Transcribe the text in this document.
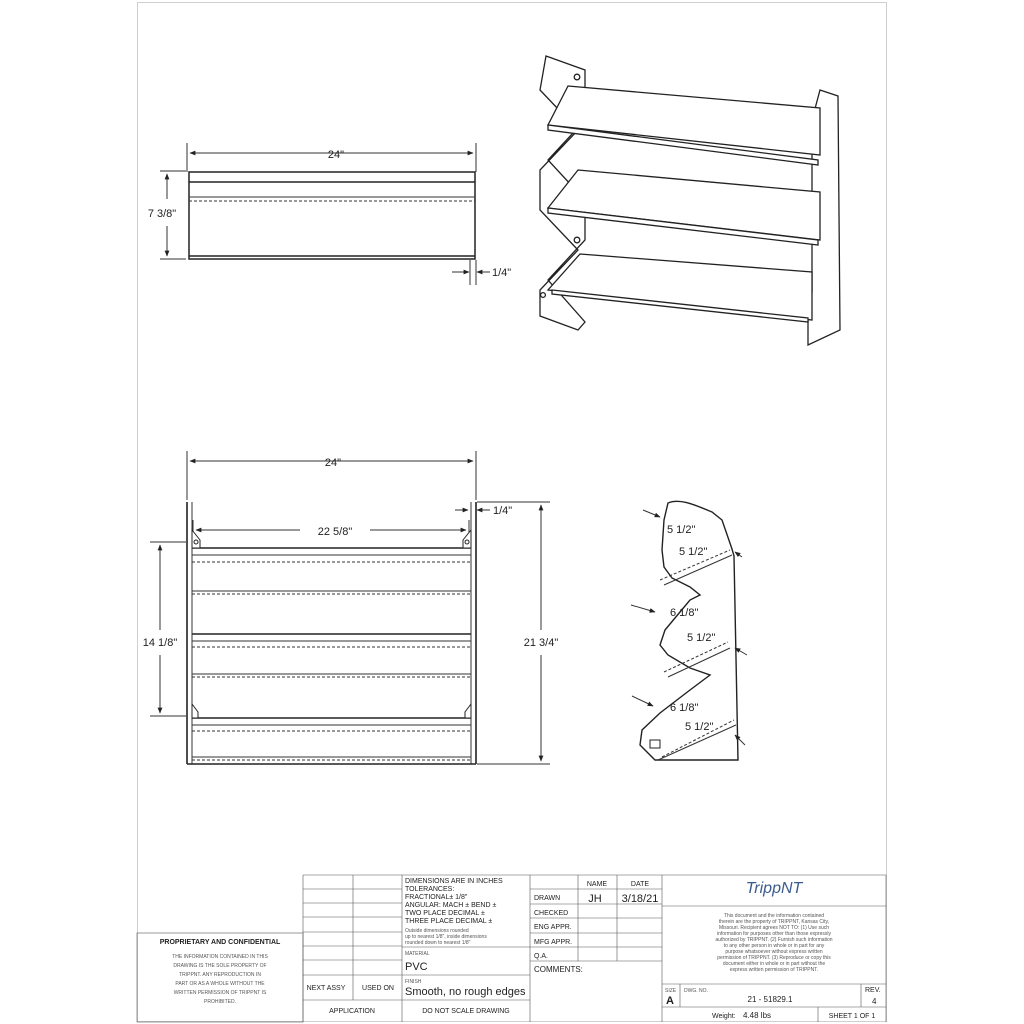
24"
7 3/8"
1/4"
24"
22 5/8"
1/4"
14 1/8"	21 3/4"
5 1/2"
5 1/2"
6 1/8"
5 1/2"
6 1/8"
5 1/2"
PROPRIETARY AND CONFIDENTIAL
THE INFORMATION CONTAINED IN THIS
DRAWING IS THE SOLE PROPERTY OF
TRIPPNT. ANY REPRODUCTION IN
PART OR AS A WHOLE WITHOUT THE
WRITTEN PERMISSION OF TRIPPNT IS
PROHIBITED.
NEXT ASSY USED ON
APPLICATION
DIMENSIONS ARE IN INCHES
TOLERANCES:
FRACTIONAL± 1/8"
ANGULAR: MACH ± BEND ±
TWO PLACE DECIMAL ±
THREE PLACE DECIMAL ±
Outside dimensions rounded
up to nearest 1/8", inside dimensions
rounded down to nearest 1/8"
MATERIAL
PVC
FINISH
Smooth, no rough edges
DO NOT SCALE DRAWING
NAME	DATE
DRAWN	JH 3/18/21
CHECKED
ENG APPR.
MFG APPR.
Q.A.
COMMENTS:
TrippNT
This document and the information contained
therein are the property of TRIPPNT, Kansas City,
Missouri. Recipient agrees NOT TO: (1) Use such
information for purposes other than those expressly
authorized by TRIPPNT. (2) Furnish such information
to any other person in whole or in part for any
purpose whatsoever without express written
permission of TRIPPNT. (3) Reproduce or copy this
document either in whole or in part without the
express written permission of TRIPPNT.
SIZE
A
DWG. NO.
21 - 51829.1
REV.
4
Weight: 4.48 lbs	SHEET 1 OF 1
